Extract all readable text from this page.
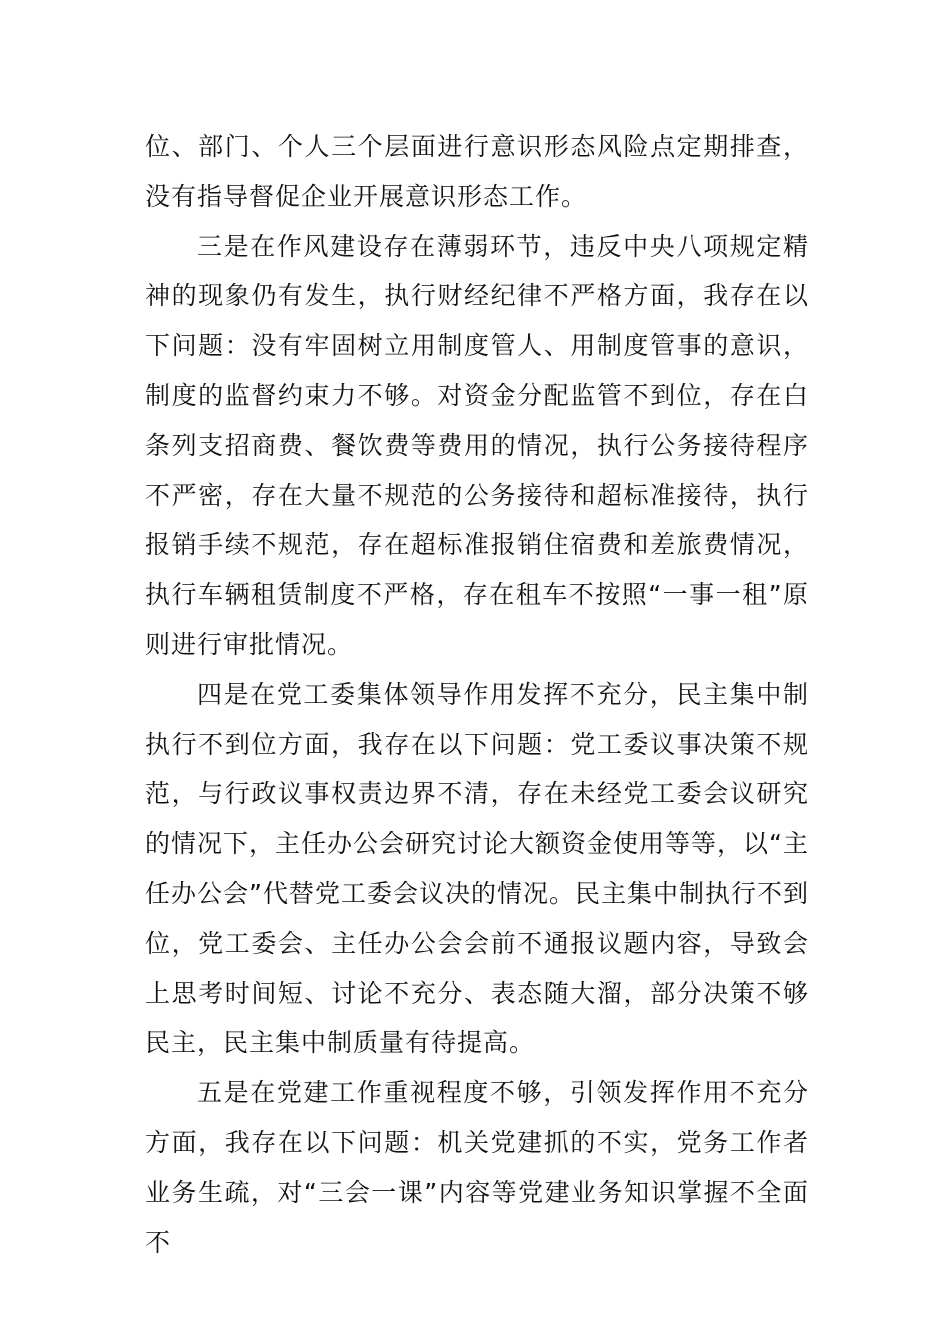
位、部门、个人三个层面进行意识形态风险点定期排查，没有指导督促企业开展意识形态工作。

三是在作风建设存在薄弱环节，违反中央八项规定精神的现象仍有发生，执行财经纪律不严格方面，我存在以下问题：没有牢固树立用制度管人、用制度管事的意识，制度的监督约束力不够。对资金分配监管不到位，存在白条列支招商费、餐饮费等费用的情况，执行公务接待程序不严密，存在大量不规范的公务接待和超标准接待，执行报销手续不规范，存在超标准报销住宿费和差旅费情况，执行车辆租赁制度不严格，存在租车不按照“一事一租”原则进行审批情况。

四是在党工委集体领导作用发挥不充分，民主集中制执行不到位方面，我存在以下问题：党工委议事决策不规范，与行政议事权责边界不清，存在未经党工委会议研究的情况下，主任办公会研究讨论大额资金使用等等，以“主任办公会”代替党工委会议决的情况。民主集中制执行不到位，党工委会、主任办公会会前不通报议题内容，导致会上思考时间短、讨论不充分、表态随大溜，部分决策不够民主，民主集中制质量有待提高。

五是在党建工作重视程度不够，引领发挥作用不充分方面，我存在以下问题：机关党建抓的不实，党务工作者业务生疏，对“三会一课”内容等党建业务知识掌握不全面不
